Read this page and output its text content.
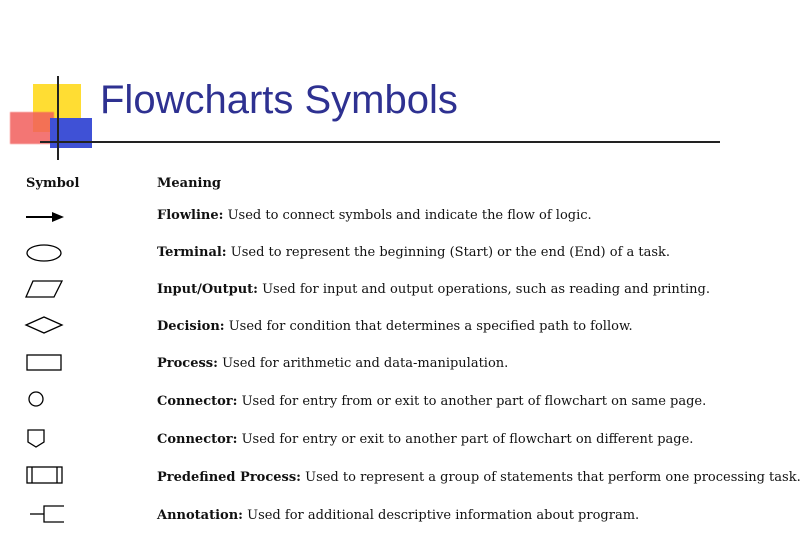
Flowcharts Symbols
Symbol	Meaning
Flowline: Used to connect symbols and indicate the flow of logic.
Terminal: Used to represent the beginning (Start) or the end (End) of a task.
Input/Output: Used for input and output operations, such as reading and printing.
Decision: Used for condition that determines a specified path to follow.
Process: Used for arithmetic and data-manipulation.
Connector: Used for entry from or exit to another part of flowchart on same page.
Connector: Used for entry or exit to another part of flowchart on different page.
Predefined Process: Used to represent a group of statements that perform one processing task.
Annotation: Used for additional descriptive information about program.
